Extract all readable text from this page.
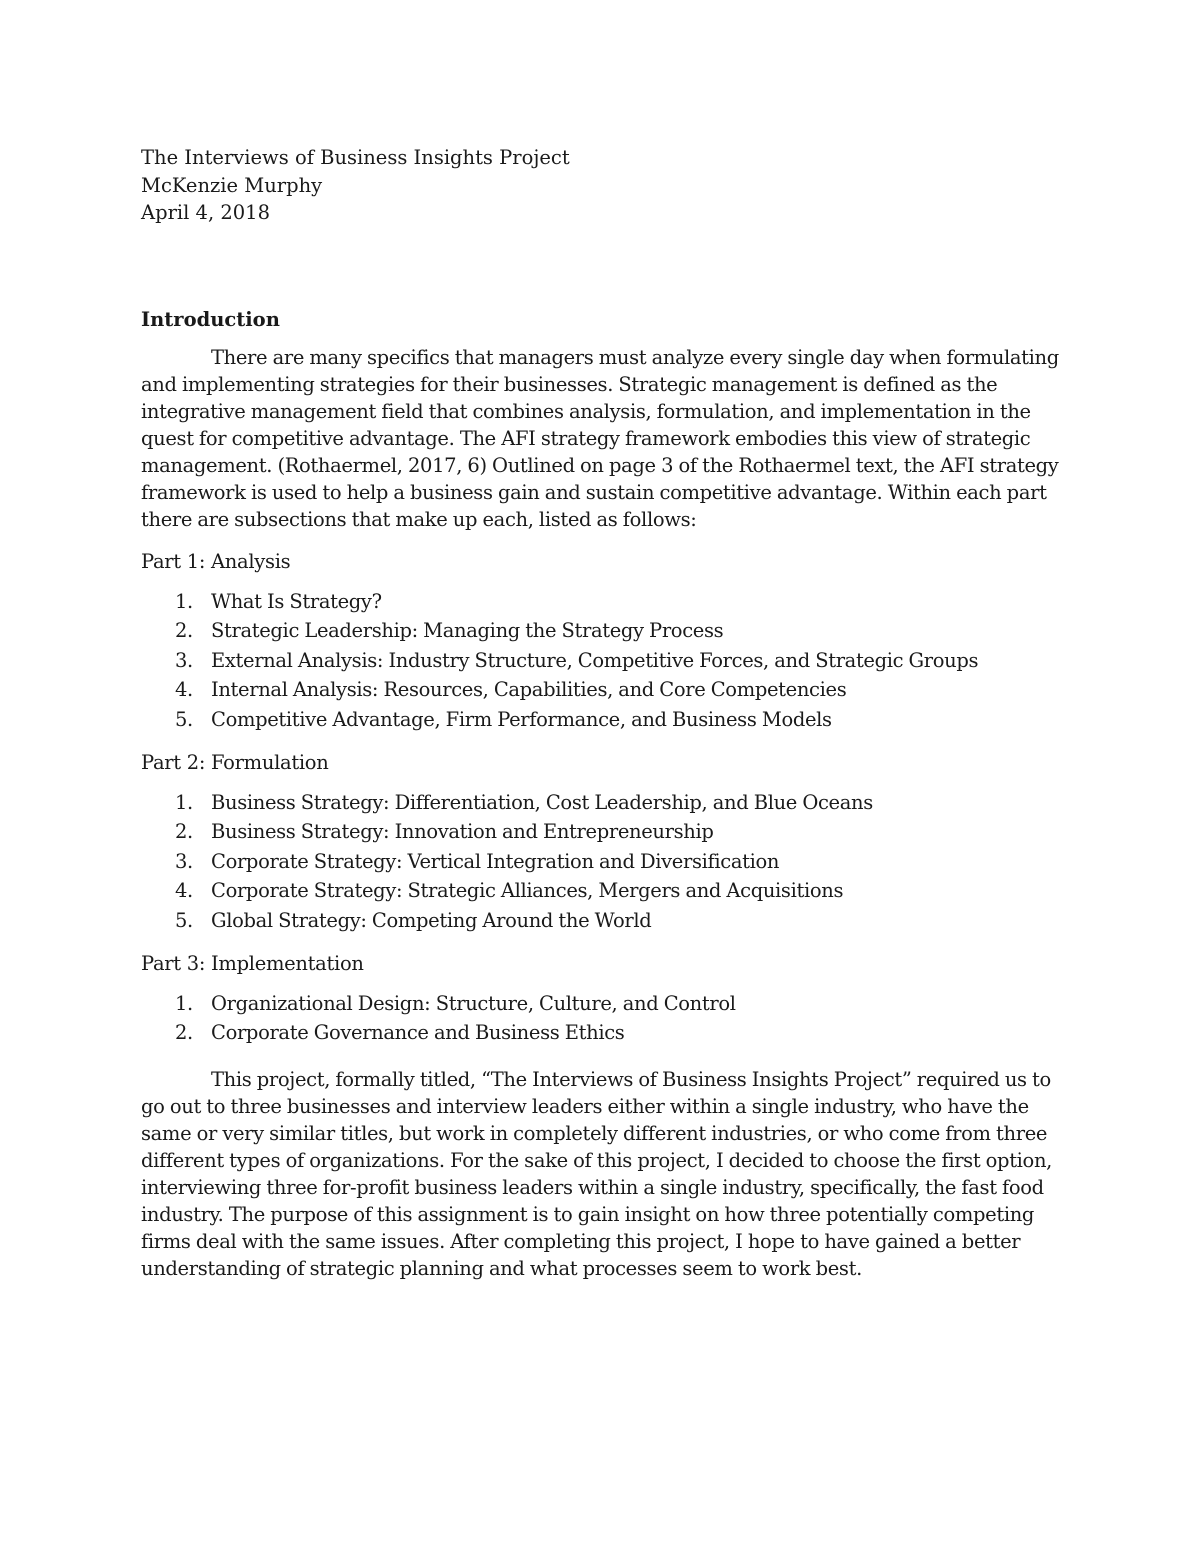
The Interviews of Business Insights Project
McKenzie Murphy
April 4, 2018
Introduction

There are many specifics that managers must analyze every single day when formulating and implementing strategies for their businesses. Strategic management is defined as the integrative management field that combines analysis, formulation, and implementation in the quest for competitive advantage. The AFI strategy framework embodies this view of strategic management. (Rothaermel, 2017, 6) Outlined on page 3 of the Rothaermel text, the AFI strategy framework is used to help a business gain and sustain competitive advantage. Within each part there are subsections that make up each, listed as follows:

Part 1: Analysis
1. What Is Strategy?
2. Strategic Leadership: Managing the Strategy Process
3. External Analysis: Industry Structure, Competitive Forces, and Strategic Groups
4. Internal Analysis: Resources, Capabilities, and Core Competencies
5. Competitive Advantage, Firm Performance, and Business Models
Part 2: Formulation
1. Business Strategy: Differentiation, Cost Leadership, and Blue Oceans
2. Business Strategy: Innovation and Entrepreneurship
3. Corporate Strategy: Vertical Integration and Diversification
4. Corporate Strategy: Strategic Alliances, Mergers and Acquisitions
5. Global Strategy: Competing Around the World
Part 3: Implementation
1. Organizational Design: Structure, Culture, and Control
2. Corporate Governance and Business Ethics

This project, formally titled, “The Interviews of Business Insights Project” required us to go out to three businesses and interview leaders either within a single industry, who have the same or very similar titles, but work in completely different industries, or who come from three different types of organizations. For the sake of this project, I decided to choose the first option, interviewing three for-profit business leaders within a single industry, specifically, the fast food industry. The purpose of this assignment is to gain insight on how three potentially competing firms deal with the same issues. After completing this project, I hope to have gained a better understanding of strategic planning and what processes seem to work best.
